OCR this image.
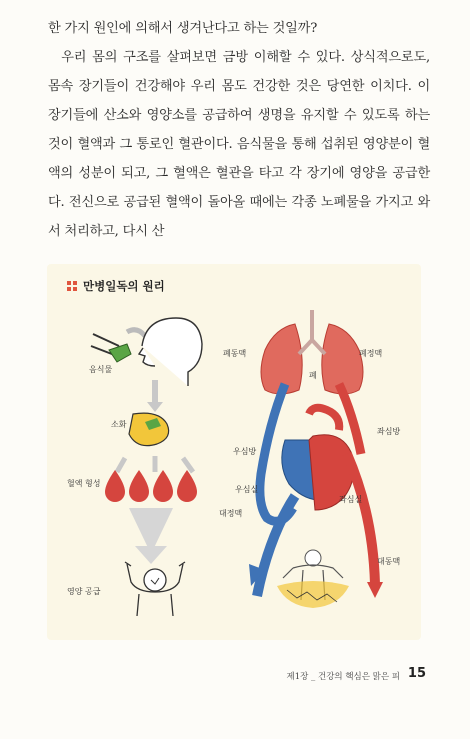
한 가지 원인에 의해서 생겨난다고 하는 것일까?

우리 몸의 구조를 살펴보면 금방 이해할 수 있다. 상식적으로도, 몸속 장기들이 건강해야 우리 몸도 건강한 것은 당연한 이치다. 이 장기들에 산소와 영양소를 공급하여 생명을 유지할 수 있도록 하는 것이 혈액과 그 통로인 혈관이다. 음식물을 통해 섭취된 영양분이 혈액의 성분이 되고, 그 혈액은 혈관을 타고 각 장기에 영양을 공급한다. 전신으로 공급된 혈액이 돌아올 때에는 각종 노폐물을 가지고 와서 처리하고, 다시 산

만병일독의 원리
음식물
소화
혈액 형성
영양 공급
폐동맥
폐
폐정맥
좌심방
우심방
우심실
좌심실
대정맥
대동맥
제1장 _ 건강의 핵심은 맑은 피 15
